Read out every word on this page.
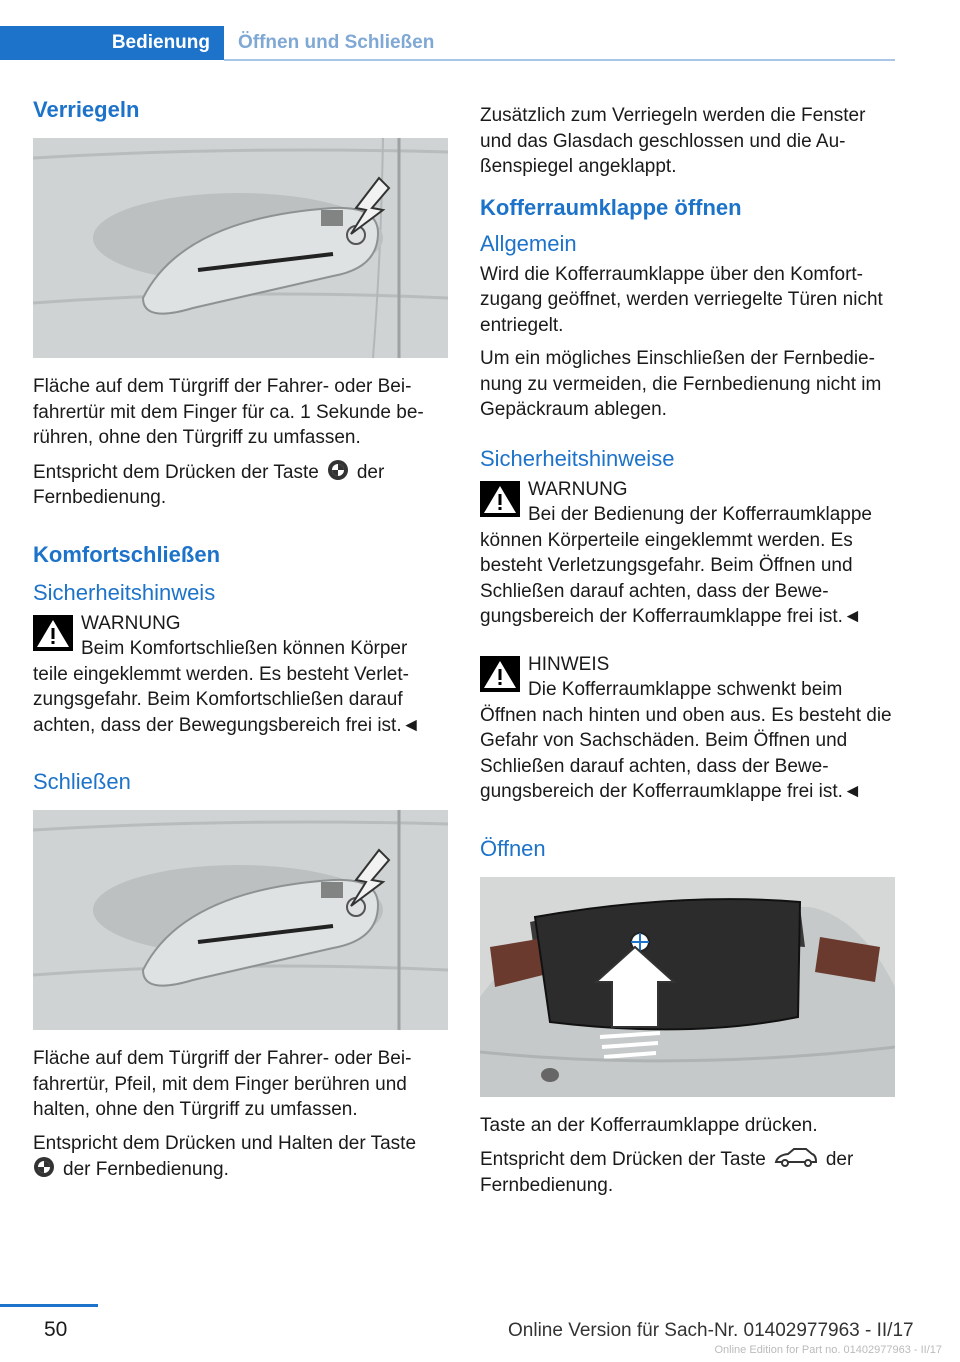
Bedienung	Öffnen und Schließen
Verriegeln

Fläche auf dem Türgriff der Fahrer- oder Beifahrertür mit dem Finger für ca. 1 Sekunde berühren, ohne den Türgriff zu umfassen.

Entspricht dem Drücken der Taste der Fernbedienung.

Komfortschließen
Sicherheitshinweis
WARNUNG
Beim Komfortschließen können Körper
teile eingeklemmt werden. Es besteht Verletzungsgefahr. Beim Komfortschließen darauf achten, dass der Bewegungsbereich frei ist.◄
Schließen

Fläche auf dem Türgriff der Fahrer- oder Beifahrertür, Pfeil, mit dem Finger berühren und halten, ohne den Türgriff zu umfassen.

Entspricht dem Drücken und Halten der Taste
der Fernbedienung.

Zusätzlich zum Verriegeln werden die Fenster und das Glasdach geschlossen und die Außenspiegel angeklappt.

Kofferraumklappe öffnen
Allgemein

Wird die Kofferraumklappe über den Komfortzugang geöffnet, werden verriegelte Türen nicht entriegelt.

Um ein mögliches Einschließen der Fernbedienung zu vermeiden, die Fernbedienung nicht im Gepäckraum ablegen.

Sicherheitshinweise
WARNUNG
Bei der Bedienung der Kofferraumklappe
können Körperteile eingeklemmt werden. Es besteht Verletzungsgefahr. Beim Öffnen und Schließen darauf achten, dass der Bewegungsbereich der Kofferraumklappe frei ist.◄
HINWEIS
Die Kofferraumklappe schwenkt beim
Öffnen nach hinten und oben aus. Es besteht die Gefahr von Sachschäden. Beim Öffnen und Schließen darauf achten, dass der Bewegungsbereich der Kofferraumklappe frei ist.◄
Öffnen

Taste an der Kofferraumklappe drücken.

Entspricht dem Drücken der Taste	der Fernbedienung.

50	Online Version für Sach-Nr. 01402977963 - II/17
Online Edition for Part no. 01402977963 - II/17
